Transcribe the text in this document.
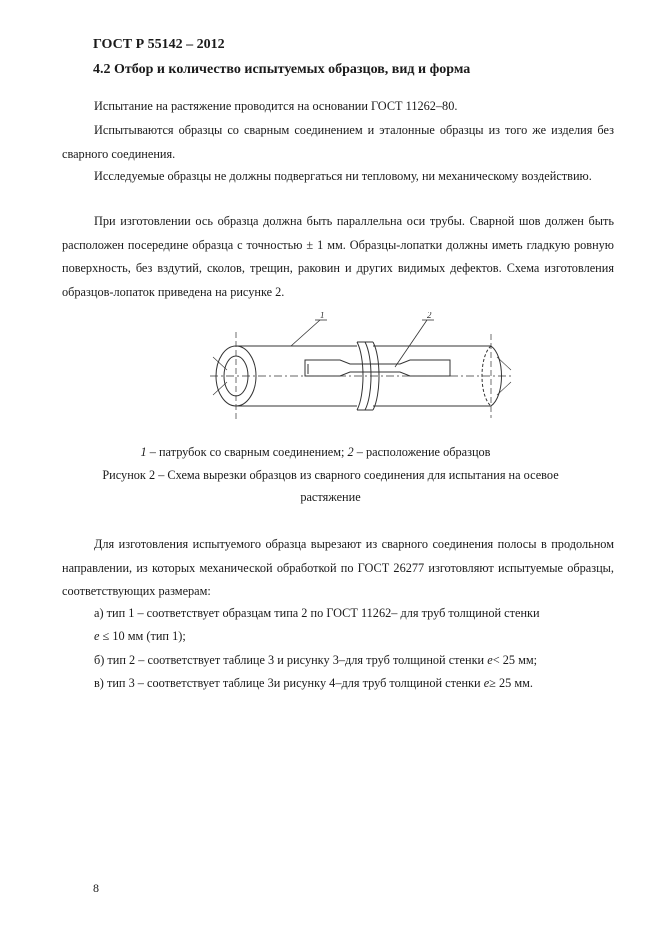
ГОСТ Р 55142 – 2012
4.2 Отбор и количество испытуемых образцов, вид и форма

Испытание на растяжение проводится на основании ГОСТ 11262–80.

Испытываются образцы со сварным соединением и эталонные образцы из того же изделия без сварного соединения.

Исследуемые образцы не должны подвергаться ни тепловому, ни механическому воздействию.

При изготовлении ось образца должна быть параллельна оси трубы. Сварной шов должен быть расположен посередине образца с точностью ± 1 мм. Образцы-лопатки должны иметь гладкую ровную поверхность, без вздутий, сколов, трещин, раковин и других видимых дефектов. Схема изготовления образцов-лопаток приведена на рисунке 2.

1	2
1 – патрубок со сварным соединением; 2 – расположение образцов
Рисунок 2 – Схема вырезки образцов из сварного соединения для испытания на осевое
растяжение

Для изготовления испытуемого образца вырезают из сварного соединения полосы в продольном направлении, из которых механической обработкой по ГОСТ 26277 изготовляют испытуемые образцы, соответствующих размерам:

а) тип 1 – соответствует образцам типа 2 по ГОСТ 11262– для труб толщиной стенки

e ≤ 10 мм (тип 1);

б) тип 2 – соответствует таблице 3 и рисунку 3–для труб толщиной стенки e< 25 мм;

в) тип 3 – соответствует таблице 3и рисунку 4–для труб толщиной стенки e≥ 25 мм.

8
